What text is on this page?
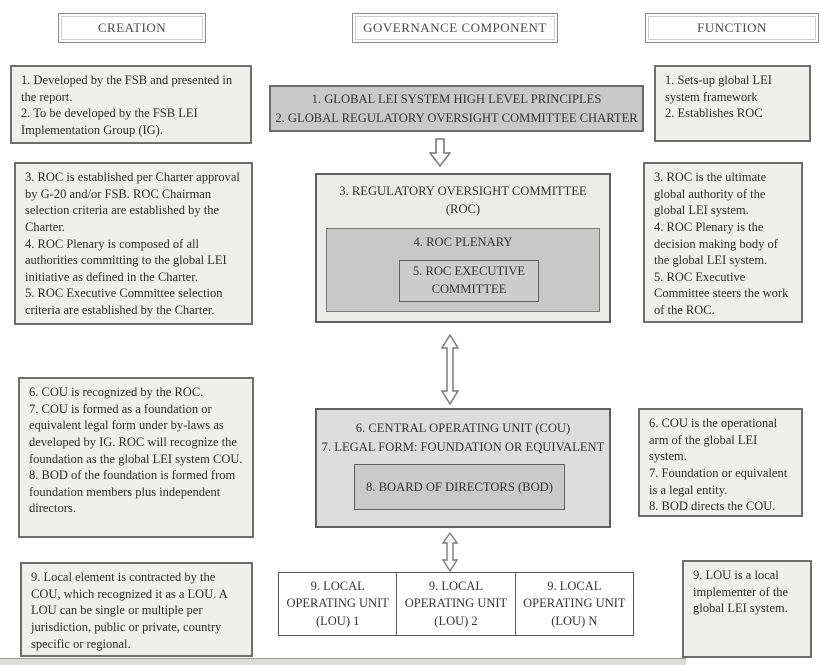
CREATION	GOVERNANCE COMPONENT	FUNCTION
1. Developed by the FSB and presented in the report.
2. To be developed by the FSB LEI Implementation Group (IG).
3. ROC is established per Charter approval by G-20 and/or FSB. ROC Chairman selection criteria are established by the Charter.
4. ROC Plenary is composed of all authorities committing to the global LEI initiative as defined in the Charter.
5. ROC Executive Committee selection criteria are established by the Charter.
6. COU is recognized by the ROC.
7. COU is formed as a foundation or equivalent legal form under by-laws as developed by IG. ROC will recognize the foundation as the global LEI system COU.
8. BOD of the foundation is formed from foundation members plus independent directors.
9. Local element is contracted by the COU, which recognized it as a LOU. A LOU can be single or multiple per jurisdiction, public or private, country specific or regional.
1. GLOBAL LEI SYSTEM HIGH LEVEL PRINCIPLES
2. GLOBAL REGULATORY OVERSIGHT COMMITTEE CHARTER
3. REGULATORY OVERSIGHT COMMITTEE
(ROC)
4. ROC PLENARY
5. ROC EXECUTIVE
COMMITTEE
6. CENTRAL OPERATING UNIT (COU)
7. LEGAL FORM: FOUNDATION OR EQUIVALENT
8. BOARD OF DIRECTORS (BOD)
9. LOCAL
OPERATING UNIT
(LOU) 1
9. LOCAL
OPERATING UNIT
(LOU) 2
9. LOCAL
OPERATING UNIT
(LOU) N
1. Sets-up global LEI system framework
2. Establishes ROC
3. ROC is the ultimate global authority of the global LEI system.
4. ROC Plenary is the decision making body of the global LEI system.
5. ROC Executive Committee steers the work of the ROC.
6. COU is the operational arm of the global LEI system.
7. Foundation or equivalent is a legal entity.
8. BOD directs the COU.
9. LOU is a local implementer of the global LEI system.
